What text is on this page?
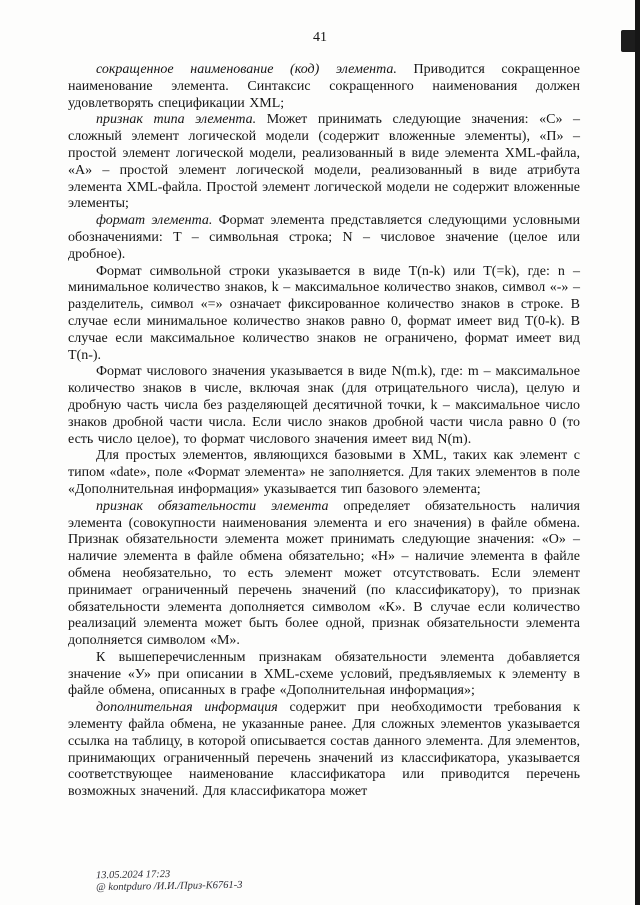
41

сокращенное наименование (код) элемента. Приводится сокращенное наименование элемента. Синтаксис сокращенного наименования должен удовлетворять спецификации XML;

признак типа элемента. Может принимать следующие значения: «С» – сложный элемент логической модели (содержит вложенные элементы), «П» – простой элемент логической модели, реализованный в виде элемента XML-файла, «А» – простой элемент логической модели, реализованный в виде атрибута элемента XML-файла. Простой элемент логической модели не содержит вложенные элементы;

формат элемента. Формат элемента представляется следующими условными обозначениями: T – символьная строка; N – числовое значение (целое или дробное).

Формат символьной строки указывается в виде T(n-k) или T(=k), где: n – минимальное количество знаков, k – максимальное количество знаков, символ «-» – разделитель, символ «=» означает фиксированное количество знаков в строке. В случае если минимальное количество знаков равно 0, формат имеет вид T(0-k). В случае если максимальное количество знаков не ограничено, формат имеет вид T(n-).

Формат числового значения указывается в виде N(m.k), где: m – максимальное количество знаков в числе, включая знак (для отрицательного числа), целую и дробную часть числа без разделяющей десятичной точки, k – максимальное число знаков дробной части числа. Если число знаков дробной части числа равно 0 (то есть число целое), то формат числового значения имеет вид N(m).

Для простых элементов, являющихся базовыми в XML, таких как элемент с типом «date», поле «Формат элемента» не заполняется. Для таких элементов в поле «Дополнительная информация» указывается тип базового элемента;

признак обязательности элемента определяет обязательность наличия элемента (совокупности наименования элемента и его значения) в файле обмена. Признак обязательности элемента может принимать следующие значения: «О» – наличие элемента в файле обмена обязательно; «Н» – наличие элемента в файле обмена необязательно, то есть элемент может отсутствовать. Если элемент принимает ограниченный перечень значений (по классификатору), то признак обязательности элемента дополняется символом «К». В случае если количество реализаций элемента может быть более одной, признак обязательности элемента дополняется символом «М».

К вышеперечисленным признакам обязательности элемента добавляется значение «У» при описании в XML-схеме условий, предъявляемых к элементу в файле обмена, описанных в графе «Дополнительная информация»;

дополнительная информация содержит при необходимости требования к элементу файла обмена, не указанные ранее. Для сложных элементов указывается ссылка на таблицу, в которой описывается состав данного элемента. Для элементов, принимающих ограниченный перечень значений из классификатора, указывается соответствующее наименование классификатора или приводится перечень возможных значений. Для классификатора может

13.05.2024 17:23
@ kontpduro /И.И./Приз-К6761-3
